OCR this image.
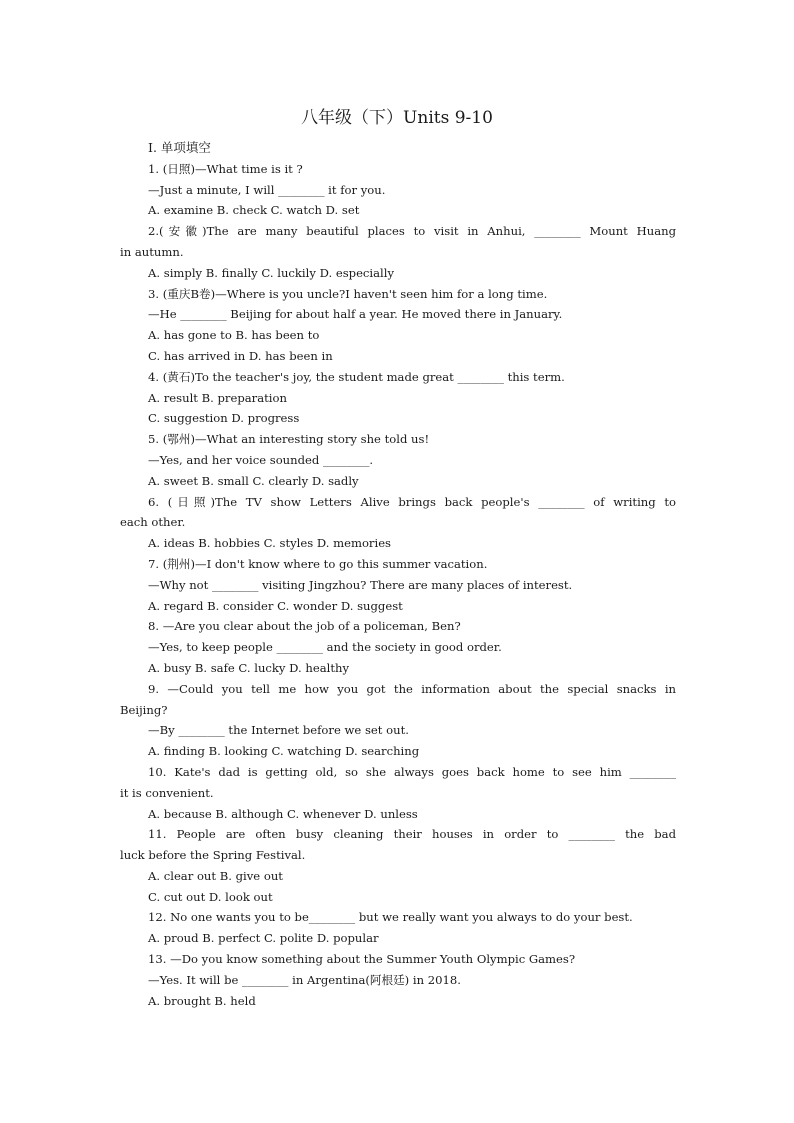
八年级（下）Units 9-10
Ⅰ. 单项填空
1. (日照)—What time is it ?
—Just a minute, I will ________ it for you.
A. examine B. check C. watch D. set
2.(安徽)The are many beautiful places to visit in Anhui, ________ Mount Huang
in autumn.
A. simply B. finally C. luckily D. especially
3. (重庆B卷)—Where is you uncle?I haven't seen him for a long time.
—He ________ Beijing for about half a year. He moved there in January.
A. has gone to B. has been to
C. has arrived in D. has been in
4. (黄石)To the teacher's joy, the student made great ________ this term.
A. result B. preparation
C. suggestion D. progress
5. (鄂州)—What an interesting story she told us!
—Yes, and her voice sounded ________.
A. sweet B. small C. clearly D. sadly
6. (日照)The TV show Letters Alive brings back people's ________ of writing to
each other.
A. ideas B. hobbies C. styles D. memories
7. (荆州)—I don't know where to go this summer vacation.
—Why not ________ visiting Jingzhou? There are many places of interest.
A. regard B. consider C. wonder D. suggest
8. —Are you clear about the job of a policeman, Ben?
—Yes, to keep people ________ and the society in good order.
A. busy B. safe C. lucky D. healthy
9. —Could you tell me how you got the information about the special snacks in
Beijing?
—By ________ the Internet before we set out.
A. finding B. looking C. watching D. searching
10. Kate's dad is getting old, so she always goes back home to see him ________
it is convenient.
A. because B. although C. whenever D. unless
11. People are often busy cleaning their houses in order to ________ the bad
luck before the Spring Festival.
A. clear out B. give out
C. cut out D. look out
12. No one wants you to be________ but we really want you always to do your best.
A. proud B. perfect C. polite D. popular
13. —Do you know something about the Summer Youth Olympic Games?
—Yes. It will be ________ in Argentina(阿根廷) in 2018.
A. brought B. held
